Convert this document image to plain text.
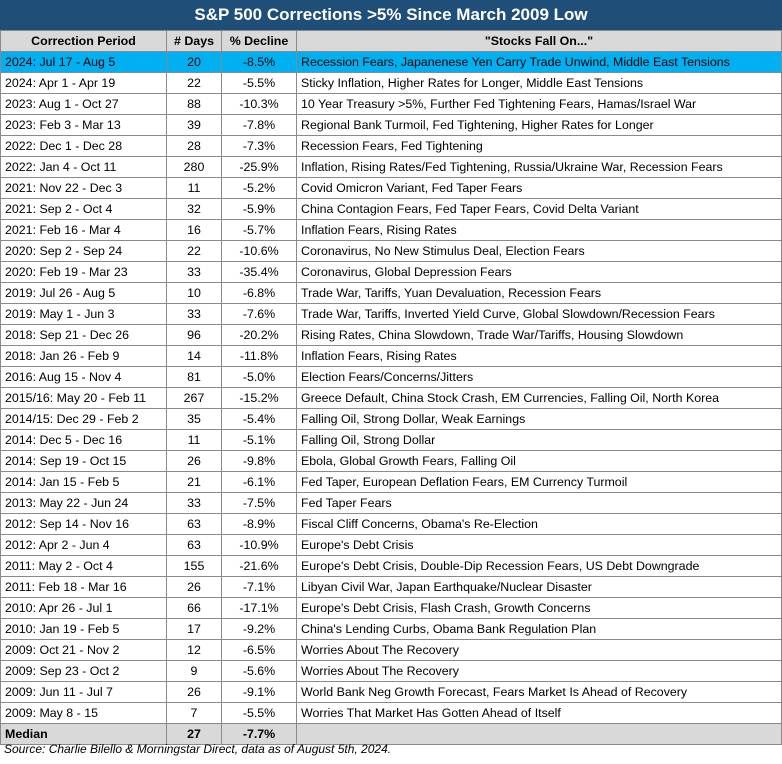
S&P 500 Corrections >5% Since March 2009 Low
Correction Period	# Days	% Decline	"Stocks Fall On..."
2024: Jul 17 - Aug 5	20	-8.5%	Recession Fears, Japanenese Yen Carry Trade Unwind, Middle East Tensions
2024: Apr 1 - Apr 19	22	-5.5%	Sticky Inflation, Higher Rates for Longer, Middle East Tensions
2023: Aug 1 - Oct 27	88	-10.3%	10 Year Treasury >5%, Further Fed Tightening Fears, Hamas/Israel War
2023: Feb 3 - Mar 13	39	-7.8%	Regional Bank Turmoil, Fed Tightening, Higher Rates for Longer
2022: Dec 1 - Dec 28	28	-7.3%	Recession Fears, Fed Tightening
2022: Jan 4 - Oct 11	280	-25.9%	Inflation, Rising Rates/Fed Tightening, Russia/Ukraine War, Recession Fears
2021: Nov 22 - Dec 3	11	-5.2%	Covid Omicron Variant, Fed Taper Fears
2021: Sep 2 - Oct 4	32	-5.9%	China Contagion Fears, Fed Taper Fears, Covid Delta Variant
2021: Feb 16 - Mar 4	16	-5.7%	Inflation Fears, Rising Rates
2020: Sep 2 - Sep 24	22	-10.6%	Coronavirus, No New Stimulus Deal, Election Fears
2020: Feb 19 - Mar 23	33	-35.4%	Coronavirus, Global Depression Fears
2019: Jul 26 - Aug 5	10	-6.8%	Trade War, Tariffs, Yuan Devaluation, Recession Fears
2019: May 1 - Jun 3	33	-7.6%	Trade War, Tariffs, Inverted Yield Curve, Global Slowdown/Recession Fears
2018: Sep 21 - Dec 26	96	-20.2%	Rising Rates, China Slowdown, Trade War/Tariffs, Housing Slowdown
2018: Jan 26 - Feb 9	14	-11.8%	Inflation Fears, Rising Rates
2016: Aug 15 - Nov 4	81	-5.0%	Election Fears/Concerns/Jitters
2015/16: May 20 - Feb 11	267	-15.2%	Greece Default, China Stock Crash, EM Currencies, Falling Oil, North Korea
2014/15: Dec 29 - Feb 2	35	-5.4%	Falling Oil, Strong Dollar, Weak Earnings
2014: Dec 5 - Dec 16	11	-5.1%	Falling Oil, Strong Dollar
2014: Sep 19 - Oct 15	26	-9.8%	Ebola, Global Growth Fears, Falling Oil
2014: Jan 15 - Feb 5	21	-6.1%	Fed Taper, European Deflation Fears, EM Currency Turmoil
2013: May 22 - Jun 24	33	-7.5%	Fed Taper Fears
2012: Sep 14 - Nov 16	63	-8.9%	Fiscal Cliff Concerns, Obama's Re-Election
2012: Apr 2 - Jun 4	63	-10.9%	Europe's Debt Crisis
2011: May 2 - Oct 4	155	-21.6%	Europe's Debt Crisis, Double-Dip Recession Fears, US Debt Downgrade
2011: Feb 18 - Mar 16	26	-7.1%	Libyan Civil War, Japan Earthquake/Nuclear Disaster
2010: Apr 26 - Jul 1	66	-17.1%	Europe's Debt Crisis, Flash Crash, Growth Concerns
2010: Jan 19 - Feb 5	17	-9.2%	China's Lending Curbs, Obama Bank Regulation Plan
2009: Oct 21 - Nov 2	12	-6.5%	Worries About The Recovery
2009: Sep 23 - Oct 2	9	-5.6%	Worries About The Recovery
2009: Jun 11 - Jul 7	26	-9.1%	World Bank Neg Growth Forecast, Fears Market Is Ahead of Recovery
2009: May 8 - 15	7	-5.5%	Worries That Market Has Gotten Ahead of Itself
Median	27	-7.7%	
Source: Charlie Bilello & Morningstar Direct, data as of August 5th, 2024.
